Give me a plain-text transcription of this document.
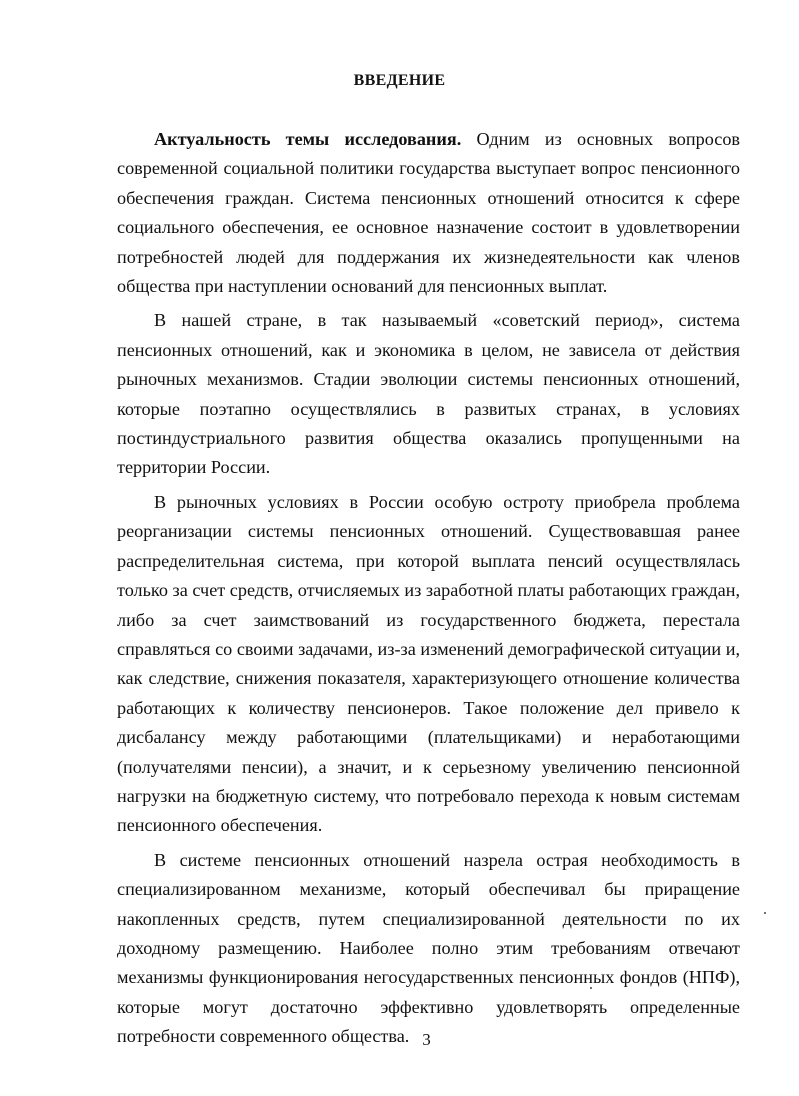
ВВЕДЕНИЕ

Актуальность темы исследования. Одним из основных вопросов современной социальной политики государства выступает вопрос пенсионного обеспечения граждан. Система пенсионных отношений относится к сфере социального обеспечения, ее основное назначение состоит в удовлетворении потребностей людей для поддержания их жизнедеятельности как членов общества при наступлении оснований для пенсионных выплат.

В нашей стране, в так называемый «советский период», система пенсионных отношений, как и экономика в целом, не зависела от действия рыночных механизмов. Стадии эволюции системы пенсионных отношений, которые поэтапно осуществлялись в развитых странах, в условиях постиндустриального развития общества оказались пропущенными на территории России.

В рыночных условиях в России особую остроту приобрела проблема реорганизации системы пенсионных отношений. Существовавшая ранее распределительная система, при которой выплата пенсий осуществлялась только за счет средств, отчисляемых из заработной платы работающих граждан, либо за счет заимствований из государственного бюджета, перестала справляться со своими задачами, из-за изменений демографической ситуации и, как следствие, снижения показателя, характеризующего отношение количества работающих к количеству пенсионеров. Такое положение дел привело к дисбалансу между работающими (плательщиками) и неработающими (получателями пенсии), а значит, и к серьезному увеличению пенсионной нагрузки на бюджетную систему, что потребовало перехода к новым системам пенсионного обеспечения.

В системе пенсионных отношений назрела острая необходимость в специализированном механизме, который обеспечивал бы приращение накопленных средств, путем специализированной деятельности по их доходному размещению. Наиболее полно этим требованиям отвечают механизмы функционирования негосударственных пенсионных фондов (НПФ), которые могут достаточно эффективно удовлетворять определенные потребности современного общества. 3
